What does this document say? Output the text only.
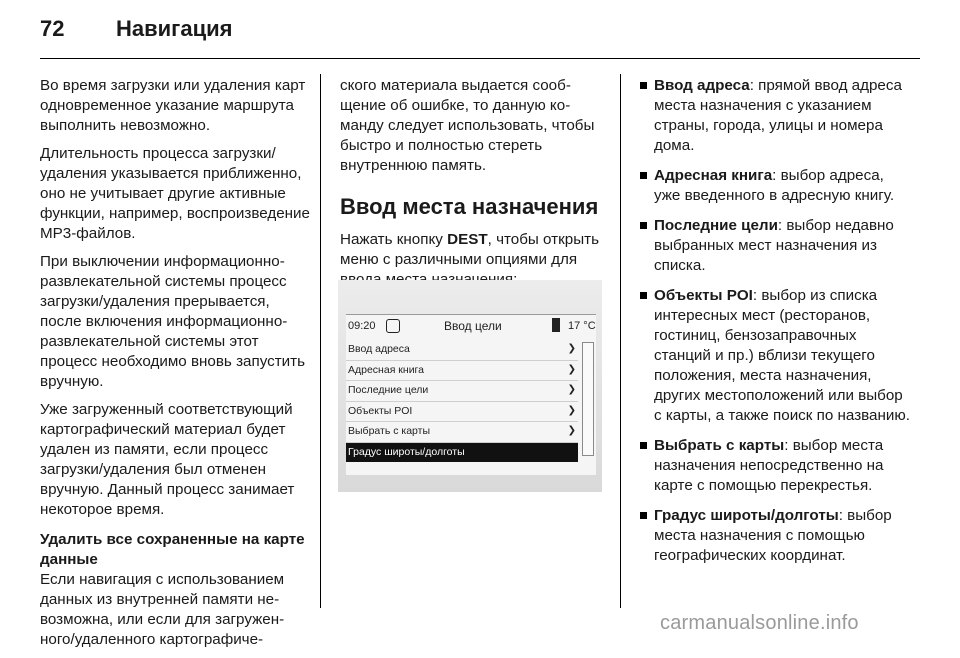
72 Навигация

Во время загрузки или удаления карт одновременное указание маршрута выполнить невозможно.

Длительность процесса загрузки/ удаления указывается приближенно, оно не учитывает другие активные функции, например, воспроизведение MP3-файлов.

При выключении информационно-развлекательной системы процесс загрузки/удаления прерывается, после включения информационно-развлекательной системы этот процесс необходимо вновь запустить вручную.

Уже загруженный соответствующий картографический материал будет удален из памяти, если процесс загрузки/удаления был отменен вручную. Данный процесс занимает некоторое время.

Удалить все сохраненные на карте данные

Если навигация с использованием данных из внутренней памяти невозможна, или если для загруженного/удаленного картографиче-

ского материала выдается сообщение об ошибке, то данную команду следует использовать, чтобы быстро и полностью стереть внутреннюю память.

Ввод места назначения

Нажать кнопку DEST, чтобы открыть меню с различными опциями для

09:20	Ввод цели	17 °C
Ввод адреса	❯
Адресная книга	❯
Последние цели	❯
Объекты POI	❯
Выбрать с карты	❯
Градус широты/долготы
Ввод адреса: прямой ввод адреса места назначения с указанием страны, города, улицы и номера дома.
Адресная книга: выбор адреса, уже введенного в адресную книгу.
Последние цели: выбор недавно выбранных мест назначения из списка.
Объекты POI: выбор из списка интересных мест (ресторанов, гостиниц, бензозаправочных станций и пр.) вблизи текущего положения, места назначения, других местоположений или выбор с карты, а также поиск по названию.
Выбрать с карты: выбор места назначения непосредственно на карте с помощью перекрестья.
Градус широты/долготы: выбор места назначения с помощью географических координат.
carmanualsonline.info
